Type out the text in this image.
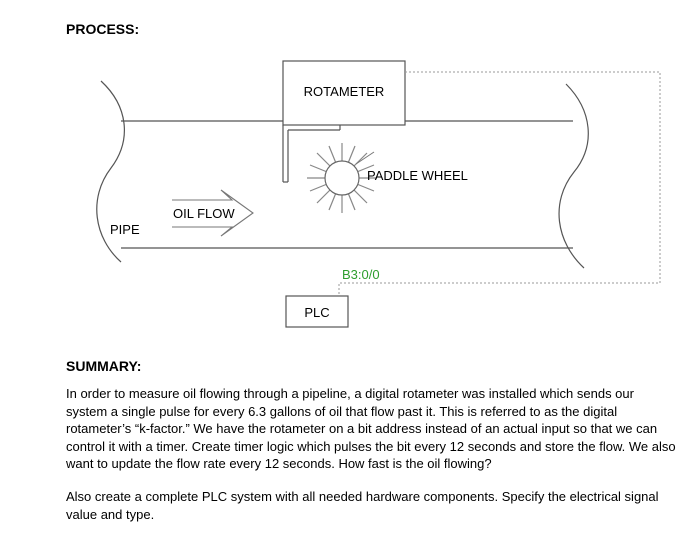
PROCESS:
ROTAMETER
PADDLE WHEEL
OIL FLOW
PIPE
B3:0/0
PLC
SUMMARY:
In order to measure oil flowing through a pipeline, a digital rotameter was installed which sends our system a single pulse for every 6.3 gallons of oil that flow past it. This is referred to as the digital rotameter’s “k-factor.” We have the rotameter on a bit address instead of an actual input so that we can control it with a timer. Create timer logic which pulses the bit every 12 seconds and store the flow. We also want to update the flow rate every 12 seconds. How fast is the oil flowing?
Also create a complete PLC system with all needed hardware components. Specify the electrical signal value and type.
